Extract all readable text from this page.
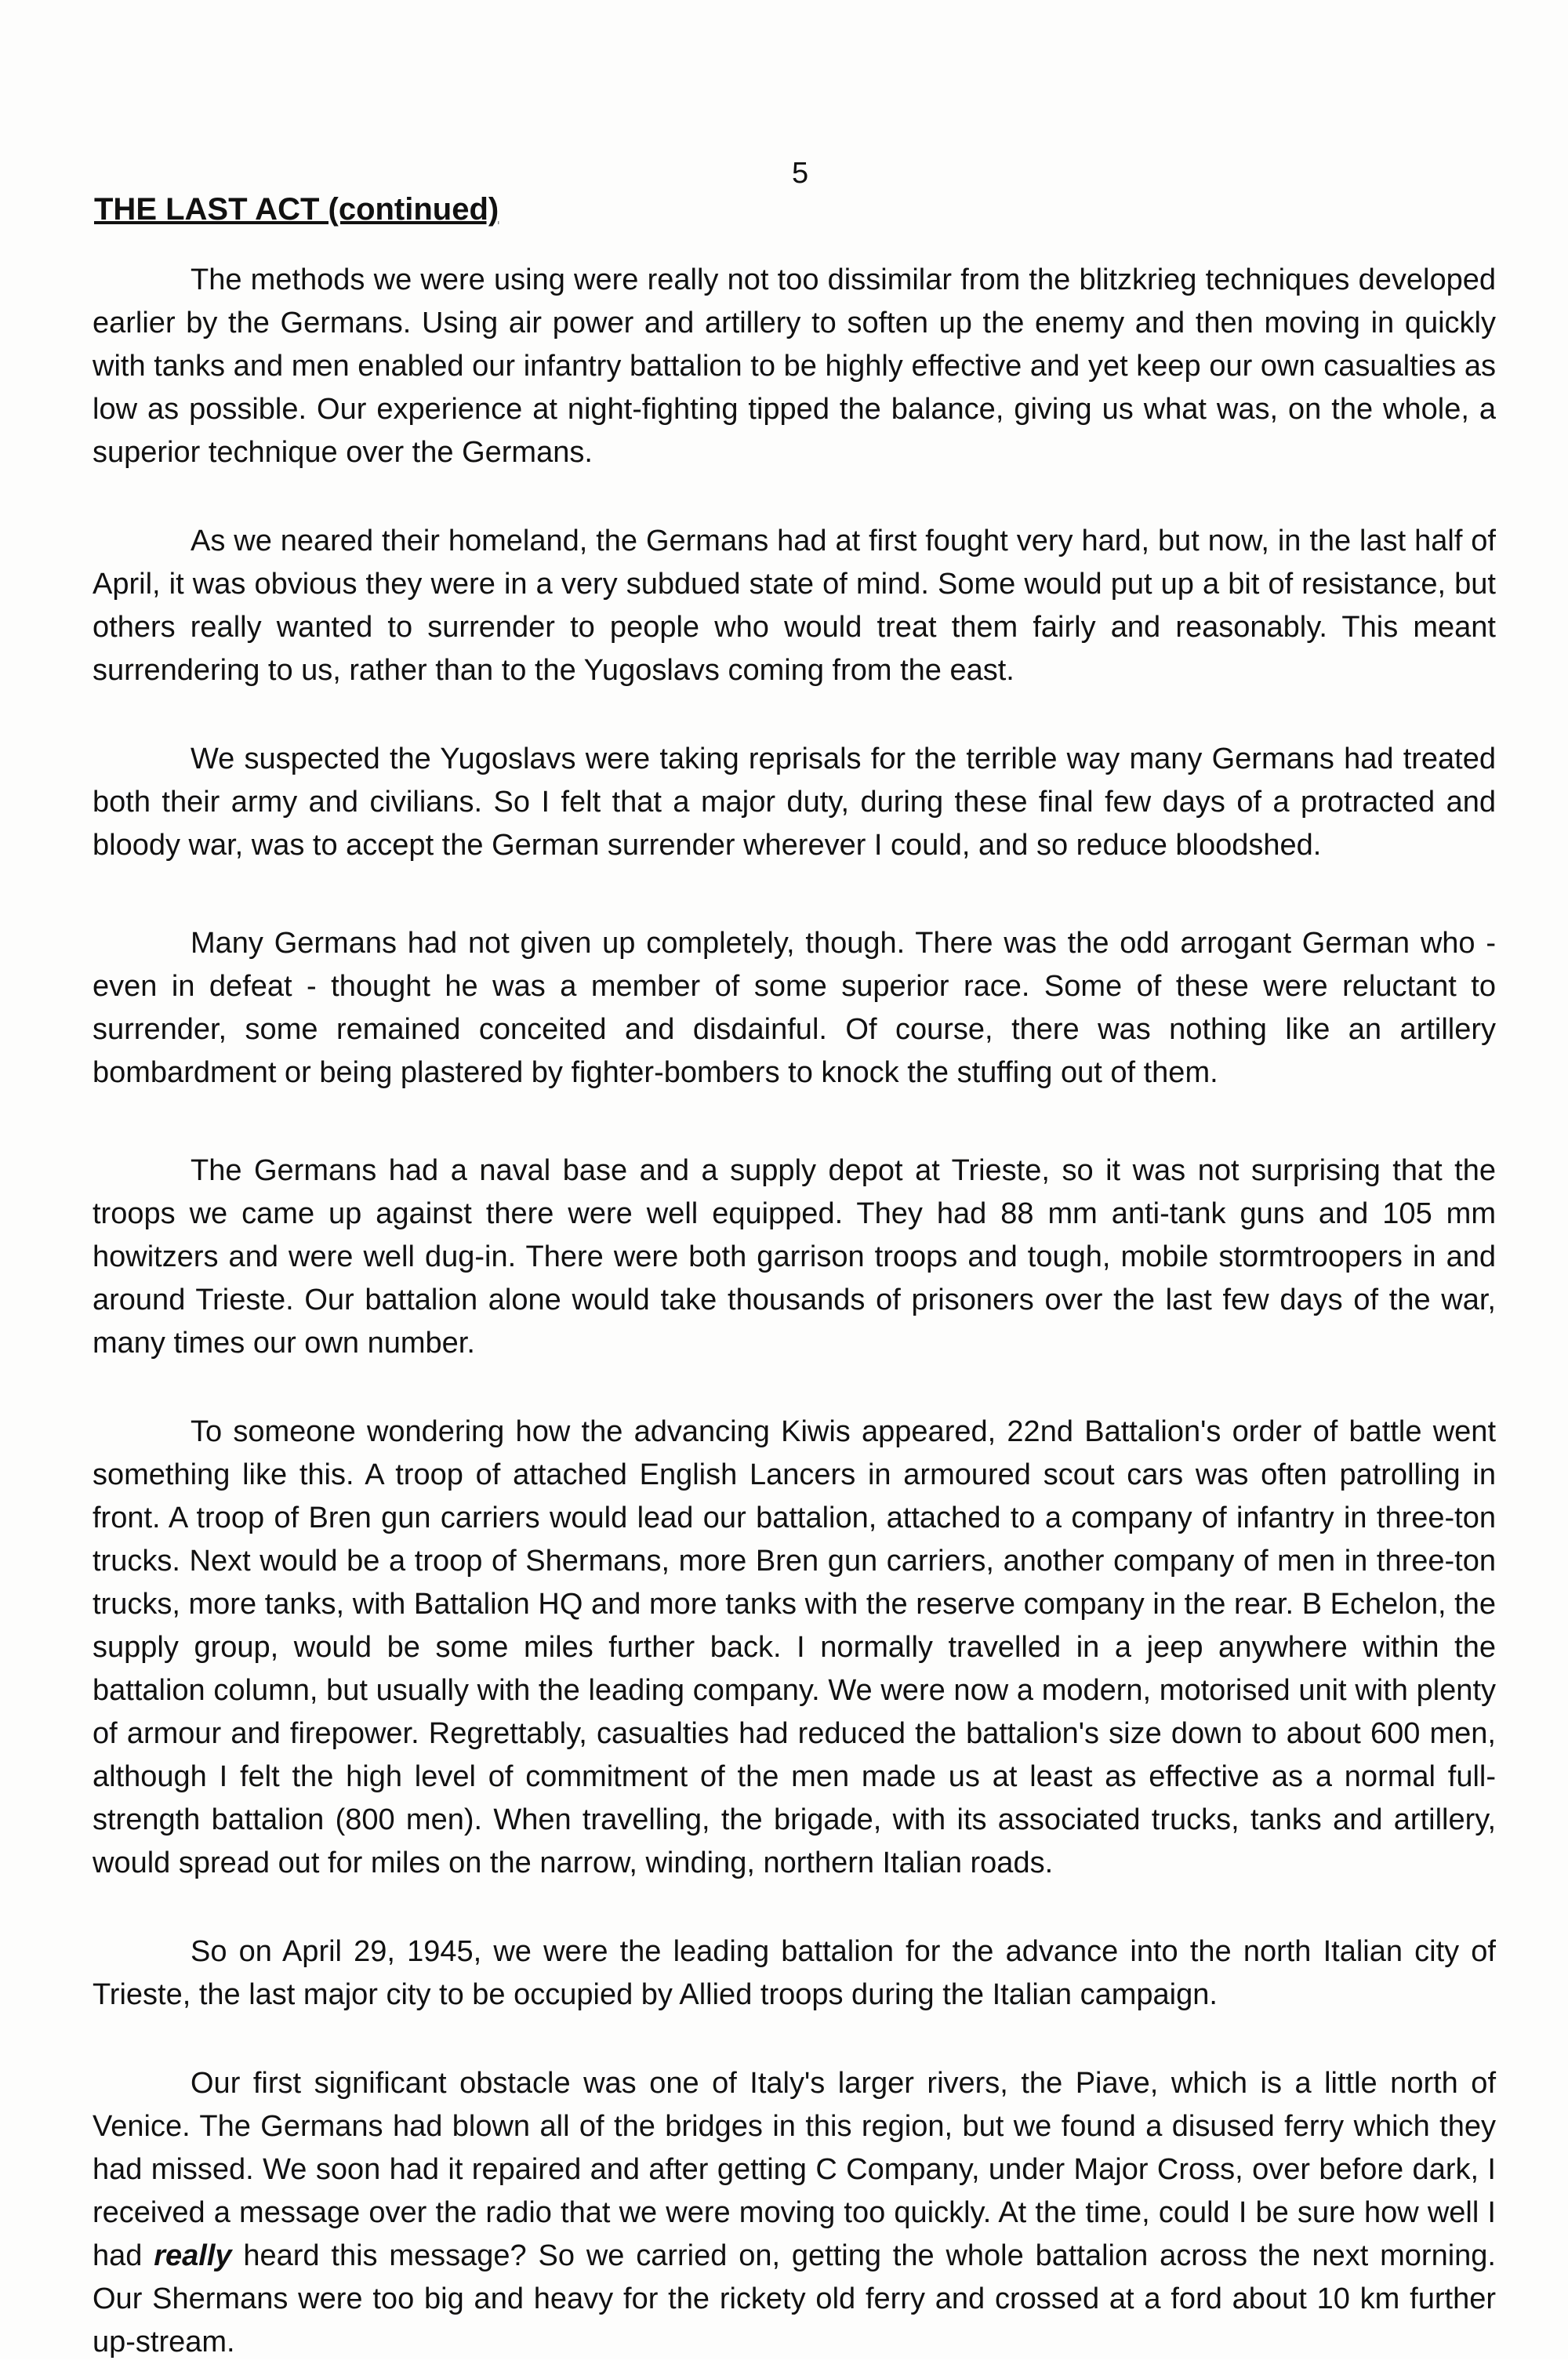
5

THE LAST ACT (continued)

The methods we were using were really not too dissimilar from the blitzkrieg techniques developed earlier by the Germans. Using air power and artillery to soften up the enemy and then moving in quickly with tanks and men enabled our infantry battalion to be highly effective and yet keep our own casualties as low as possible. Our experience at night-fighting tipped the balance, giving us what was, on the whole, a superior technique over the Germans.

As we neared their homeland, the Germans had at first fought very hard, but now, in the last half of April, it was obvious they were in a very subdued state of mind. Some would put up a bit of resistance, but others really wanted to surrender to people who would treat them fairly and reasonably. This meant surrendering to us, rather than to the Yugoslavs coming from the east.

We suspected the Yugoslavs were taking reprisals for the terrible way many Germans had treated both their army and civilians. So I felt that a major duty, during these final few days of a protracted and bloody war, was to accept the German surrender wherever I could, and so reduce bloodshed.

Many Germans had not given up completely, though. There was the odd arrogant German who - even in defeat - thought he was a member of some superior race. Some of these were reluctant to surrender, some remained conceited and disdainful. Of course, there was nothing like an artillery bombardment or being plastered by fighter-bombers to knock the stuffing out of them.

The Germans had a naval base and a supply depot at Trieste, so it was not surprising that the troops we came up against there were well equipped. They had 88 mm anti-tank guns and 105 mm howitzers and were well dug-in. There were both garrison troops and tough, mobile stormtroopers in and around Trieste. Our battalion alone would take thousands of prisoners over the last few days of the war, many times our own number.

To someone wondering how the advancing Kiwis appeared, 22nd Battalion's order of battle went something like this. A troop of attached English Lancers in armoured scout cars was often patrolling in front. A troop of Bren gun carriers would lead our battalion, attached to a company of infantry in three-ton trucks. Next would be a troop of Shermans, more Bren gun carriers, another company of men in three-ton trucks, more tanks, with Battalion HQ and more tanks with the reserve company in the rear. B Echelon, the supply group, would be some miles further back. I normally travelled in a jeep anywhere within the battalion column, but usually with the leading company. We were now a modern, motorised unit with plenty of armour and firepower. Regrettably, casualties had reduced the battalion's size down to about 600 men, although I felt the high level of commitment of the men made us at least as effective as a normal full-strength battalion (800 men). When travelling, the brigade, with its associated trucks, tanks and artillery, would spread out for miles on the narrow, winding, northern Italian roads.

So on April 29, 1945, we were the leading battalion for the advance into the north Italian city of Trieste, the last major city to be occupied by Allied troops during the Italian campaign.

Our first significant obstacle was one of Italy's larger rivers, the Piave, which is a little north of Venice. The Germans had blown all of the bridges in this region, but we found a disused ferry which they had missed. We soon had it repaired and after getting C Company, under Major Cross, over before dark, I received a message over the radio that we were moving too quickly. At the time, could I be sure how well I had really heard this message? So we carried on, getting the whole battalion across the next morning. Our Shermans were too big and heavy for the rickety old ferry and crossed at a ford about 10 km further up-stream.
